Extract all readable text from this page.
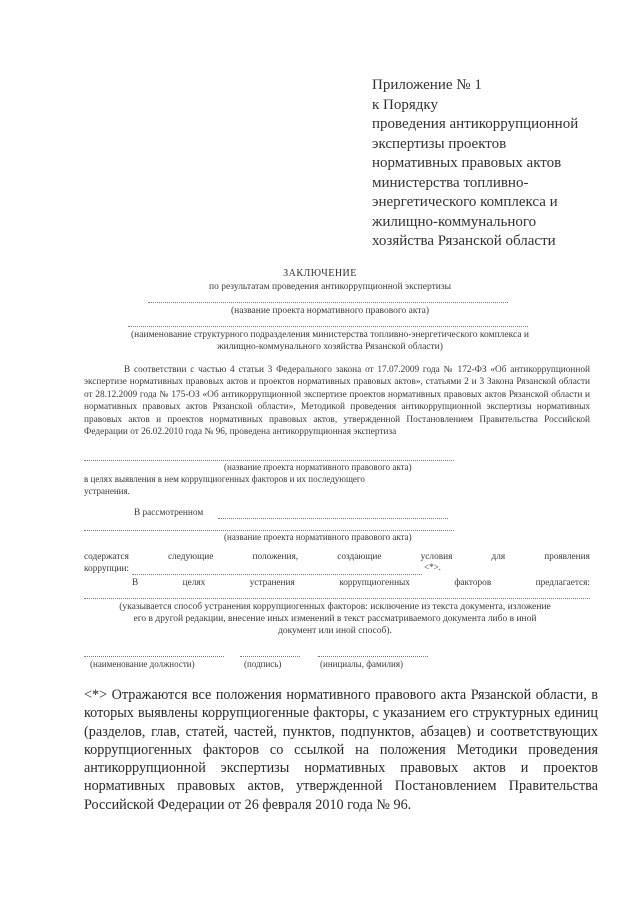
Приложение № 1
к Порядку
проведения антикоррупционной
экспертизы проектов
нормативных правовых актов
министерства топливно-
энергетического комплекса и
жилищно-коммунального
хозяйства Рязанской области
ЗАКЛЮЧЕНИЕ
по результатам проведения антикоррупционной экспертизы
(название проекта нормативного правового акта)
(наименование структурного подразделения министерства топливно-энергетического комплекса и
жилищно-коммунального хозяйства Рязанской области)
В соответствии с частью 4 статьи 3 Федерального закона от 17.07.2009 года № 172-ФЗ «Об антикоррупционной экспертизе нормативных правовых актов и проектов нормативных правовых актов», статьями 2 и 3 Закона Рязанской области от 28.12.2009 года № 175-ОЗ «Об антикоррупционной экспертизе проектов нормативных правовых актов Рязанской области и нормативных правовых актов Рязанской области», Методикой проведения антикоррупционной экспертизы нормативных правовых актов и проектов нормативных правовых актов, утвержденной Постановлением Правительства Российской Федерации от 26.02.2010 года № 96, проведена антикоррупционная экспертиза
(название проекта нормативного правового акта)
в целях выявления в нем коррупциогенных факторов и их последующего
устранения.
В рассмотренном
(название проекта нормативного правового акта)
содержатся	следующие	положения,	создающие	условия	для	проявления
коррупции:	<*>.
В	целях	устранения	коррупциогенных	факторов	предлагается:
(указывается способ устранения коррупциогенных факторов: исключение из текста документа, изложение
его в другой редакции, внесение иных изменений в текст рассматриваемого документа либо в иной
документ или иной способ).
(наименование должности)	(подпись)	(инициалы, фамилия)
<*> Отражаются все положения нормативного правового акта Рязанской области, в которых выявлены коррупциогенные факторы, с указанием его структурных единиц (разделов, глав, статей, частей, пунктов, подпунктов, абзацев) и соответствующих коррупциогенных факторов со ссылкой на положения Методики проведения антикоррупционной экспертизы нормативных правовых актов и проектов нормативных правовых актов, утвержденной Постановлением Правительства Российской Федерации от 26 февраля 2010 года № 96.
